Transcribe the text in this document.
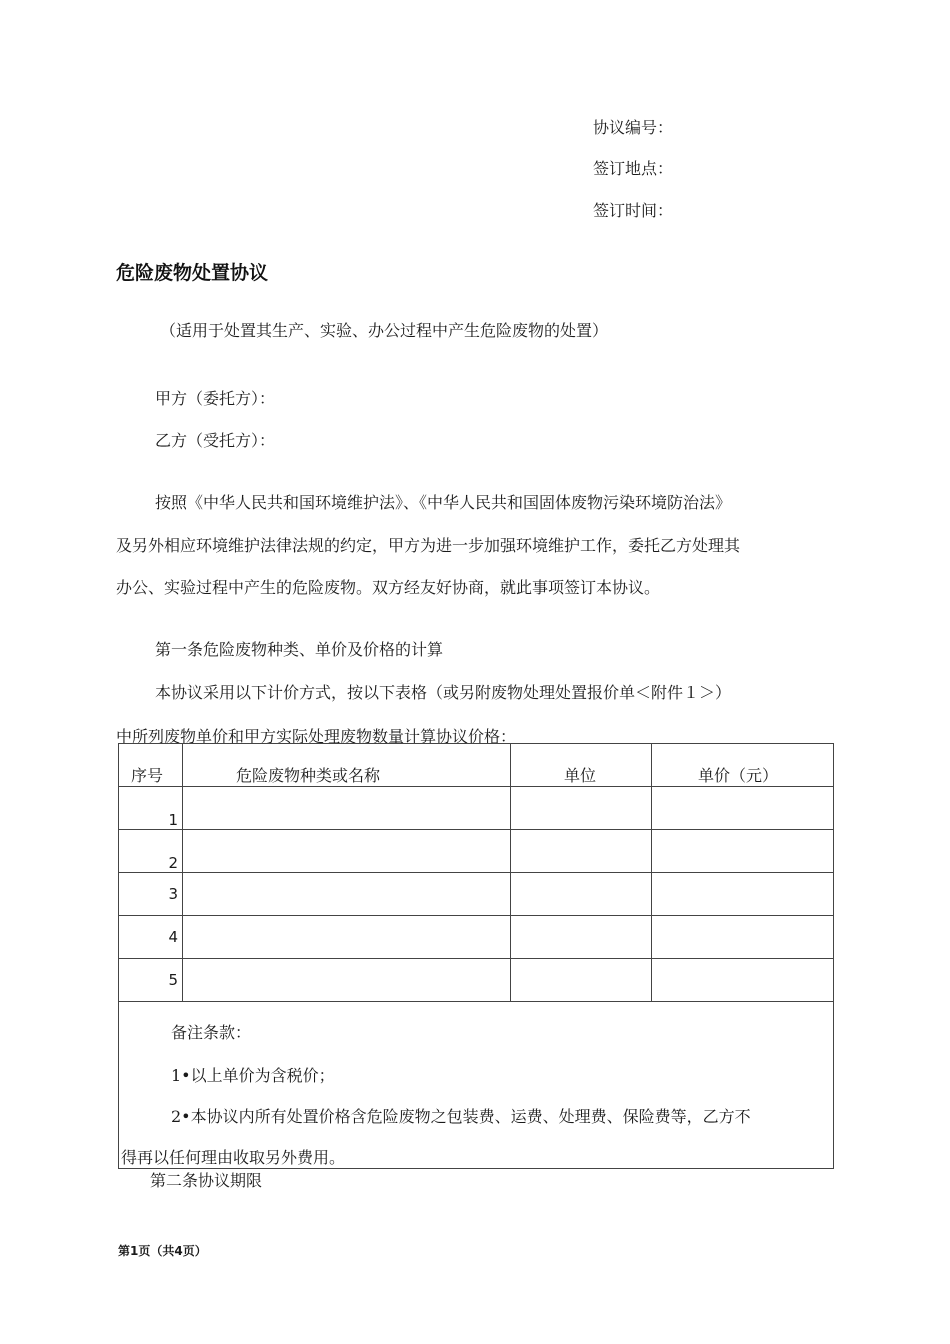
协议编号：
签订地点：
签订时间：
危险废物处置协议
（适用于处置其生产、实验、办公过程中产生危险废物的处置）
甲方（委托方）：
乙方（受托方）：
按照《中华人民共和国环境维护法》、《中华人民共和国固体废物污染环境防治法》
及另外相应环境维护法律法规的约定，甲方为进一步加强环境维护工作，委托乙方处理其
办公、实验过程中产生的危险废物。双方经友好协商，就此事项签订本协议。
第一条危险废物种类、单价及价格的计算
本协议采用以下计价方式，按以下表格（或另附废物处理处置报价单＜附件１＞）
中所列废物单价和甲方实际处理废物数量计算协议价格：
序号	危险废物种类或名称	单位	单价（元）
1			
2			
3			
4			
5			

备注条款：
1•以上单价为含税价；
2•本协议内所有处置价格含危险废物之包装费、运费、处理费、保险费等，乙方不
得再以任何理由收取另外费用。			
第二条协议期限
第1页（共4页）
